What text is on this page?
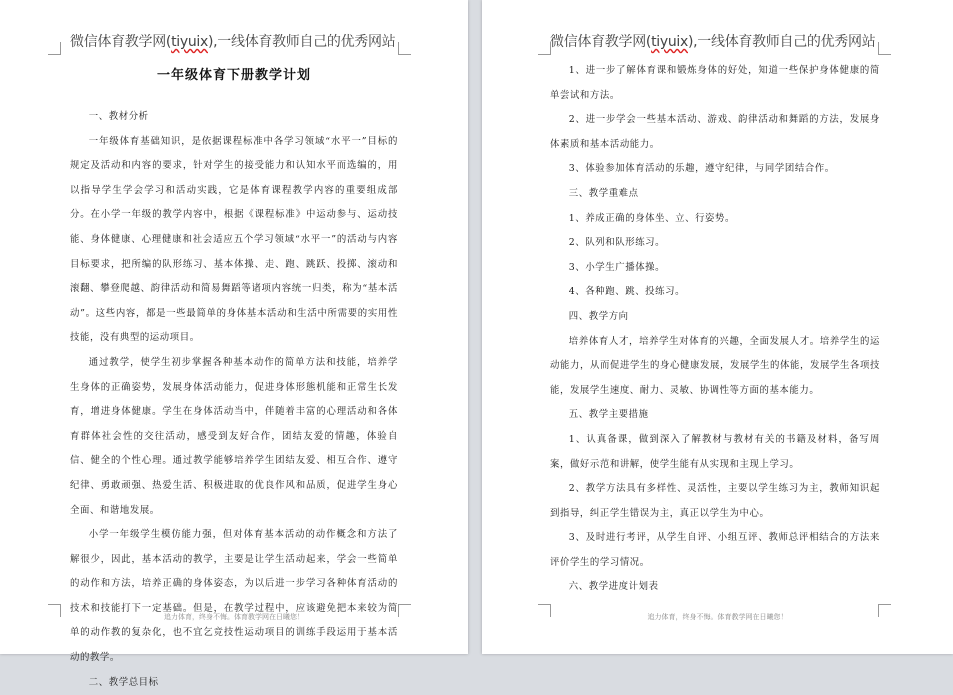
微信体育教学网(tiyuix),一线体育教师自己的优秀网站
一年级体育下册教学计划

一、教材分析

一年级体育基础知识，是依据课程标准中各学习领域“水平一”目标的规定及活动和内容的要求，针对学生的接受能力和认知水平而选编的，用以指导学生学会学习和活动实践，它是体育课程教学内容的重要组成部分。在小学一年级的教学内容中，根据《课程标准》中运动参与、运动技能、身体健康、心理健康和社会适应五个学习领域“水平一”的活动与内容目标要求，把所编的队形练习、基本体操、走、跑、跳跃、投掷、滚动和滚翻、攀登爬越、韵律活动和简易舞蹈等诸项内容统一归类，称为“基本活动”。这些内容，都是一些最简单的身体基本活动和生活中所需要的实用性技能，没有典型的运动项目。

通过教学，使学生初步掌握各种基本动作的简单方法和技能，培养学生身体的正确姿势，发展身体活动能力，促进身体形態机能和正常生长发育，增进身体健康。学生在身体活动当中，伴随着丰富的心理活动和各体育群体社会性的交往活动，感受到友好合作，团结友爱的情趣，体验自信、健全的个性心理。通过教学能够培养学生团结友爱、相互合作、遵守纪律、勇敢顽强、热爱生活、积极进取的优良作风和品质，促进学生身心全面、和谐地发展。

小学一年级学生模仿能力强，但对体育基本活动的动作概念和方法了解很少，因此，基本活动的教学，主要是让学生活动起来，学会一些简单的动作和方法，培养正确的身体姿态，为以后进一步学习各种体育活动的技术和技能打下一定基础。但是，在教学过程中，应该避免把本来较为简单的动作教的复杂化，也不宜乞竞技性运动项目的训练手段运用于基本活动的教学。

二、教学总目标

追力体育，终身不悔。体育教学网在日曦您！
微信体育教学网(tiyuix),一线体育教师自己的优秀网站

1、进一步了解体育课和锻炼身体的好处，知道一些保护身体健康的简单尝试和方法。

2、进一步学会一些基本活动、游戏、韵律活动和舞蹈的方法，发展身体素质和基本活动能力。

3、体验参加体育活动的乐趣，遵守纪律，与同学团结合作。

三、教学重难点

1、养成正确的身体坐、立、行姿势。

2、队列和队形练习。

3、小学生广播体操。

4、各种跑、跳、投练习。

四、教学方向

培养体育人才，培养学生对体育的兴趣，全面发展人才。培养学生的运动能力，从而促进学生的身心健康发展，发展学生的体能，发展学生各项技能，发展学生速度、耐力、灵敏、协调性等方面的基本能力。

五、教学主要措施

1、认真备课，做到深入了解教材与教材有关的书籍及材料，备写周案，做好示范和讲解，使学生能有从实现和主现上学习。

2、教学方法具有多样性、灵活性，主要以学生练习为主，教师知识起到指导，纠正学生错误为主，真正以学生为中心。

3、及时进行考评，从学生自评、小组互评、教师总评相结合的方法来评价学生的学习情况。

六、教学进度计划表

追力体育，终身不悔。体育教学网在日曦您！
